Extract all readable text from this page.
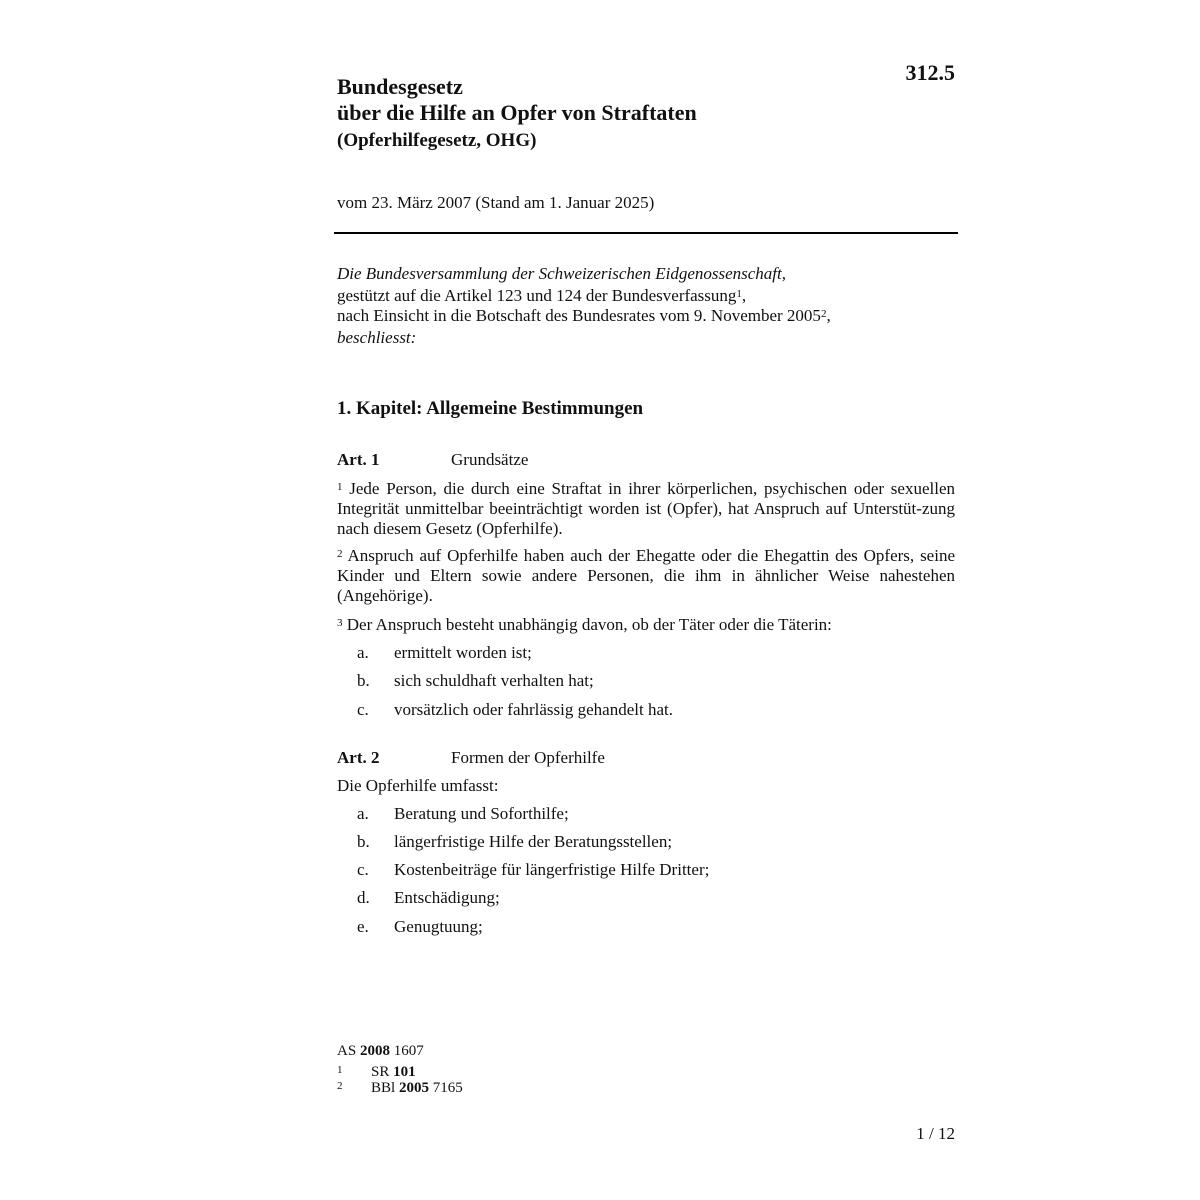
312.5
Bundesgesetz
über die Hilfe an Opfer von Straftaten
(Opferhilfegesetz, OHG)
vom 23. März 2007 (Stand am 1. Januar 2025)
Die Bundesversammlung der Schweizerischen Eidgenossenschaft,
gestützt auf die Artikel 123 und 124 der Bundesverfassung$^1$,
nach Einsicht in die Botschaft des Bundesrates vom 9. November 2005$^2$,
beschliesst:
1. Kapitel: Allgemeine Bestimmungen
Art. 1	Grundsätze
$^1$ Jede Person, die durch eine Straftat in ihrer körperlichen, psychischen oder sexuellen Integrität unmittelbar beeinträchtigt worden ist (Opfer), hat Anspruch auf Unterstüt-zung nach diesem Gesetz (Opferhilfe).
$^2$ Anspruch auf Opferhilfe haben auch der Ehegatte oder die Ehegattin des Opfers, seine Kinder und Eltern sowie andere Personen, die ihm in ähnlicher Weise nahestehen (Angehörige).
$^3$ Der Anspruch besteht unabhängig davon, ob der Täter oder die Täterin:
a. ermittelt worden ist;
b. sich schuldhaft verhalten hat;
c. vorsätzlich oder fahrlässig gehandelt hat.
Art. 2	Formen der Opferhilfe
Die Opferhilfe umfasst:
a. Beratung und Soforthilfe;
b. längerfristige Hilfe der Beratungsstellen;
c. Kostenbeiträge für längerfristige Hilfe Dritter;
d. Entschädigung;
e. Genugtuung;
AS 2008 1607
1 SR 101
2 BBl 2005 7165
1 / 12
